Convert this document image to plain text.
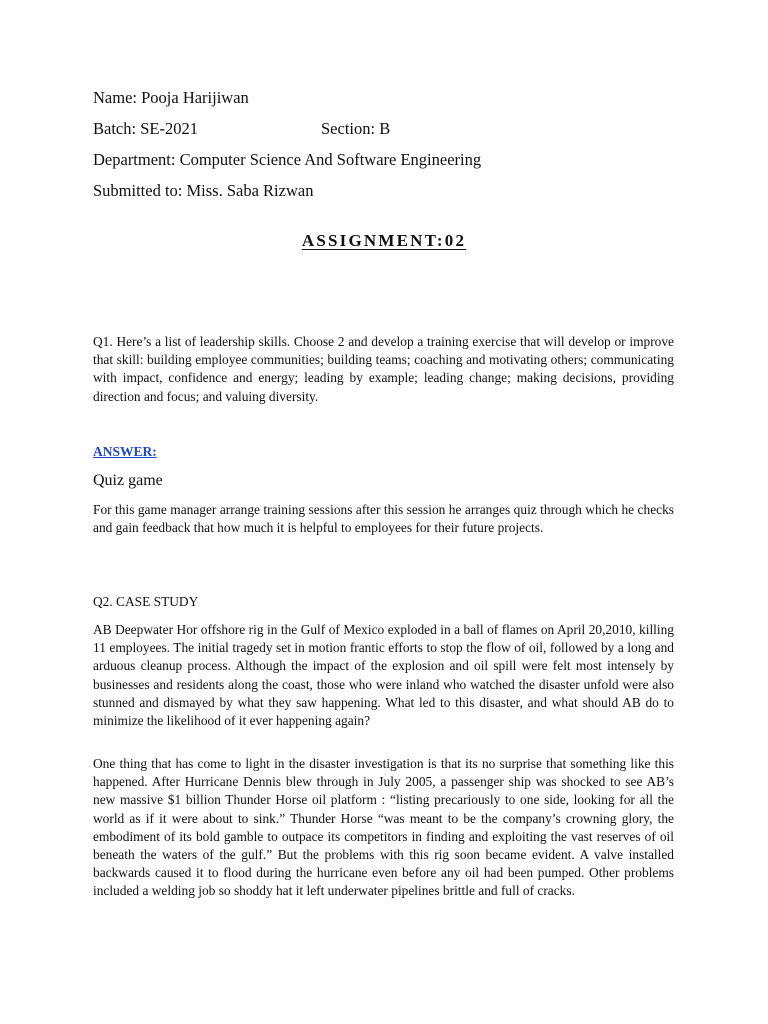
Name: Pooja Harijiwan
Batch: SE-2021	Section: B
Department: Computer Science And Software Engineering
Submitted to: Miss. Saba Rizwan
ASSIGNMENT:02
Q1. Here’s a list of leadership skills. Choose 2 and develop a training exercise that will develop or improve that skill: building employee communities; building teams; coaching and motivating others; communicating with impact, confidence and energy; leading by example; leading change; making decisions, providing direction and focus; and valuing diversity.
ANSWER:
Quiz game
For this game manager arrange training sessions after this session he arranges quiz through which he checks and gain feedback that how much it is helpful to employees for their future projects.
Q2. CASE STUDY
AB Deepwater Hor offshore rig in the Gulf of Mexico exploded in a ball of flames on April 20,2010, killing 11 employees. The initial tragedy set in motion frantic efforts to stop the flow of oil, followed by a long and arduous cleanup process. Although the impact of the explosion and oil spill were felt most intensely by businesses and residents along the coast, those who were inland who watched the disaster unfold were also stunned and dismayed by what they saw happening. What led to this disaster, and what should AB do to minimize the likelihood of it ever happening again?
One thing that has come to light in the disaster investigation is that its no surprise that something like this happened. After Hurricane Dennis blew through in July 2005, a passenger ship was shocked to see AB’s new massive $1 billion Thunder Horse oil platform : “listing precariously to one side, looking for all the world as if it were about to sink.” Thunder Horse “was meant to be the company’s crowning glory, the embodiment of its bold gamble to outpace its competitors in finding and exploiting the vast reserves of oil beneath the waters of the gulf.” But the problems with this rig soon became evident. A valve installed backwards caused it to flood during the hurricane even before any oil had been pumped. Other problems included a welding job so shoddy hat it left underwater pipelines brittle and full of cracks.
